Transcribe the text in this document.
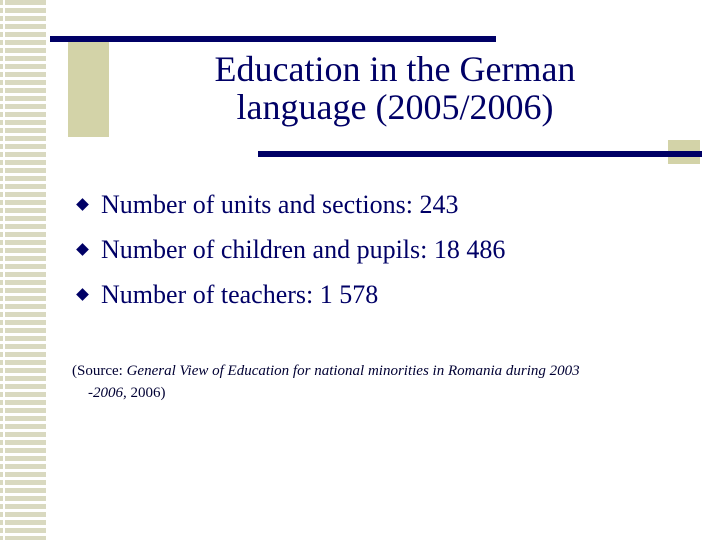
Education in the German
language (2005/2006)
Number of units and sections: 243
Number of children and pupils: 18 486
Number of teachers: 1 578
(Source: General View of Education for national minorities in Romania during 2003
-2006, 2006)
